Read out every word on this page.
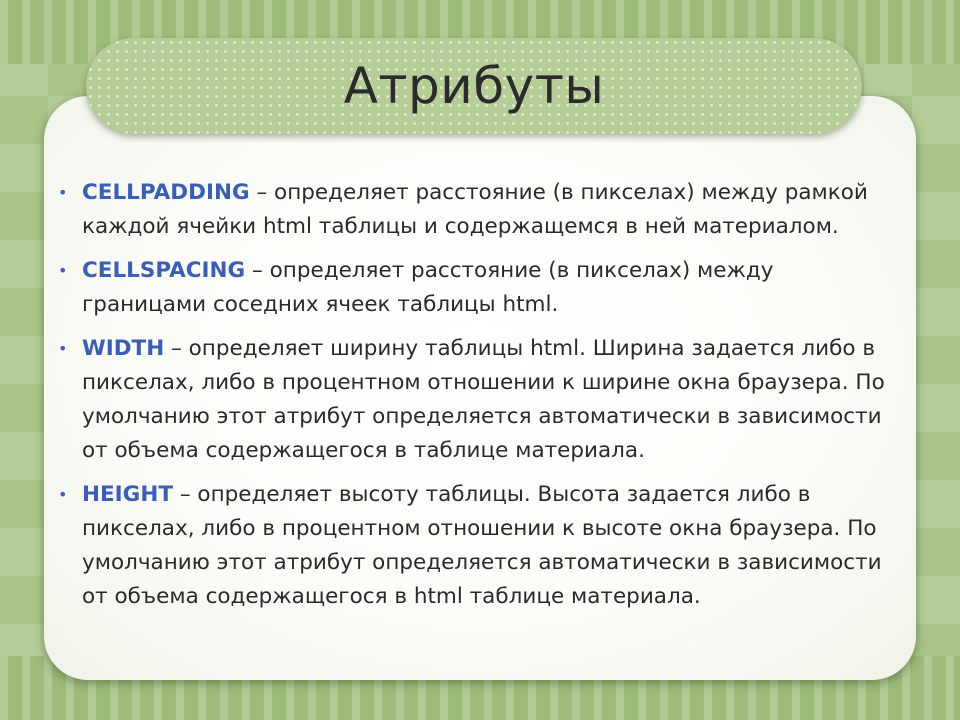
Атрибуты
• CELLPADDING – определяет расстояние (в пикселах) между рамкой каждой ячейки html таблицы и содержащемся в ней материалом.
• CELLSPACING – определяет расстояние (в пикселах) между границами соседних ячеек таблицы html.
• WIDTH – определяет ширину таблицы html. Ширина задается либо в пикселах, либо в процентном отношении к ширине окна браузера. По умолчанию этот атрибут определяется автоматически в зависимости от объема содержащегося в таблице материала.
• HEIGHT – определяет высоту таблицы. Высота задается либо в пикселах, либо в процентном отношении к высоте окна браузера. По умолчанию этот атрибут определяется автоматически в зависимости от объема содержащегося в html таблице материала.
